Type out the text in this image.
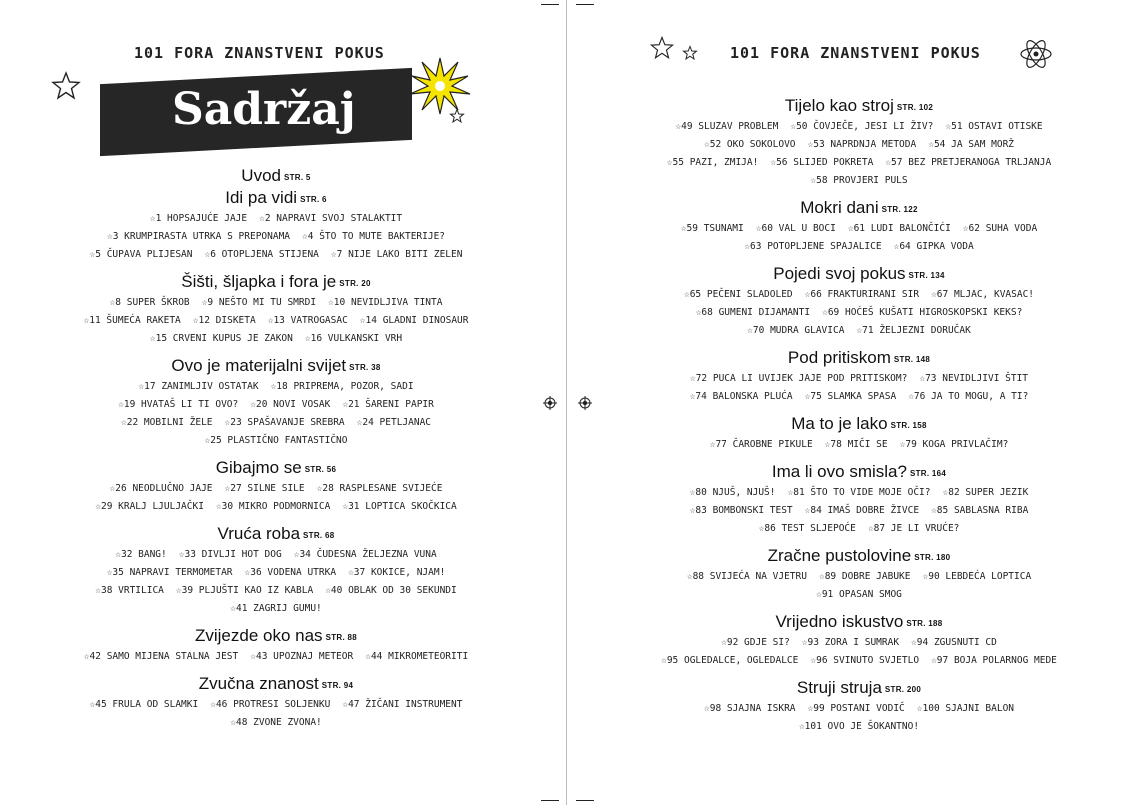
101 FORA ZNANSTVENI POKUS
Sadržaj
Uvod STR. 5
Idi pa vidi STR. 6
☆1 HOPSAJUĆE JAJE ☆2 NAPRAVI SVOJ STALAKTIT
☆3 KRUMPIRASTA UTRKA S PREPONAMA ☆4 ŠTO TO MUTE BAKTERIJE?
☆5 ČUPAVA PLIJESAN ☆6 OTOPLJENA STIJENA ☆7 NIJE LAKO BITI ZELEN
Šišti, šljapka i fora je STR. 20
☆8 SUPER ŠKROB ☆9 NEŠTO MI TU SMRDI ☆10 NEVIDLJIVA TINTA
☆11 ŠUMEĆA RAKETA ☆12 DISKETA ☆13 VATROGASAC ☆14 GLADNI DINOSAUR
☆15 CRVENI KUPUS JE ZAKON ☆16 VULKANSKI VRH
Ovo je materijalni svijet STR. 38
☆17 ZANIMLJIV OSTATAK ☆18 PRIPREMA, POZOR, SADI
☆19 HVATAŠ LI TI OVO? ☆20 NOVI VOSAK ☆21 ŠARENI PAPIR
☆22 MOBILNI ŽELE ☆23 SPAŠAVANJE SREBRA ☆24 PETLJANAC
☆25 PLASTIČNO FANTASTIČNO
Gibajmo se STR. 56
☆26 NEODLUČNO JAJE ☆27 SILNE SILE ☆28 RASPLESANE SVIJEĆE
☆29 KRALJ LJULJAČKI ☆30 MIKRO PODMORNICA ☆31 LOPTICA SKOČKICA
Vruća roba STR. 68
☆32 BANG! ☆33 DIVLJI HOT DOG ☆34 ČUDESNA ŽELJEZNA VUNA
☆35 NAPRAVI TERMOMETAR ☆36 VODENA UTRKA ☆37 KOKICE, NJAM!
☆38 VRTILICA ☆39 PLJUŠTI KAO IZ KABLA ☆40 OBLAK OD 30 SEKUNDI
☆41 ZAGRIJ GUMU!
Zvijezde oko nas STR. 88
☆42 SAMO MIJENA STALNA JEST ☆43 UPOZNAJ METEOR ☆44 MIKROMETEORITI
Zvučna znanost STR. 94
☆45 FRULA OD SLAMKI ☆46 PROTRESI SOLJENKU ☆47 ŽIČANI INSTRUMENT
☆48 ZVONE ZVONA!
101 FORA ZNANSTVENI POKUS
Tijelo kao stroj STR. 102
☆49 SLUZAV PROBLEM ☆50 ČOVJEČE, JESI LI ŽIV? ☆51 OSTAVI OTISKE
☆52 OKO SOKOLOVO ☆53 NAPRDNJA METODA ☆54 JA SAM MORŽ
☆55 PAZI, ZMIJA! ☆56 SLIJED POKRETA ☆57 BEZ PRETJERANOGA TRLJANJA
☆58 PROVJERI PULS
Mokri dani STR. 122
☆59 TSUNAMI ☆60 VAL U BOCI ☆61 LUDI BALONČIĆI ☆62 SUHA VODA
☆63 POTOPLJENE SPAJALICE ☆64 GIPKA VODA
Pojedi svoj pokus STR. 134
☆65 PEČENI SLADOLED ☆66 FRAKTURIRANI SIR ☆67 MLJAC, KVASAC!
☆68 GUMENI DIJAMANTI ☆69 HOĆEŠ KUŠATI HIGROSKOPSKI KEKS?
☆70 MUDRA GLAVICA ☆71 ŽELJEZNI DORUČAK
Pod pritiskom STR. 148
☆72 PUCA LI UVIJEK JAJE POD PRITISKOM? ☆73 NEVIDLJIVI ŠTIT
☆74 BALONSKA PLUĆA ☆75 SLAMKA SPASA ☆76 JA TO MOGU, A TI?
Ma to je lako STR. 158
☆77 ČAROBNE PIKULE ☆78 MIČI SE ☆79 KOGA PRIVLAČIM?
Ima li ovo smisla? STR. 164
☆80 NJUŠ, NJUŠ! ☆81 ŠTO TO VIDE MOJE OČI? ☆82 SUPER JEZIK
☆83 BOMBONSKI TEST ☆84 IMAŠ DOBRE ŽIVCE ☆85 SABLASNA RIBA
☆86 TEST SLJEPOĆE ☆87 JE LI VRUĆE?
Zračne pustolovine STR. 180
☆88 SVIJEĆA NA VJETRU ☆89 DOBRE JABUKE ☆90 LEBDEĆA LOPTICA
☆91 OPASAN SMOG
Vrijedno iskustvo STR. 188
☆92 GDJE SI? ☆93 ZORA I SUMRAK ☆94 ZGUSNUTI CD
☆95 OGLEDALCE, OGLEDALCE ☆96 SVINUTO SVJETLO ☆97 BOJA POLARNOG MEDE
Struji struja STR. 200
☆98 SJAJNA ISKRA ☆99 POSTANI VODIČ ☆100 SJAJNI BALON
☆101 OVO JE ŠOKANTNO!
